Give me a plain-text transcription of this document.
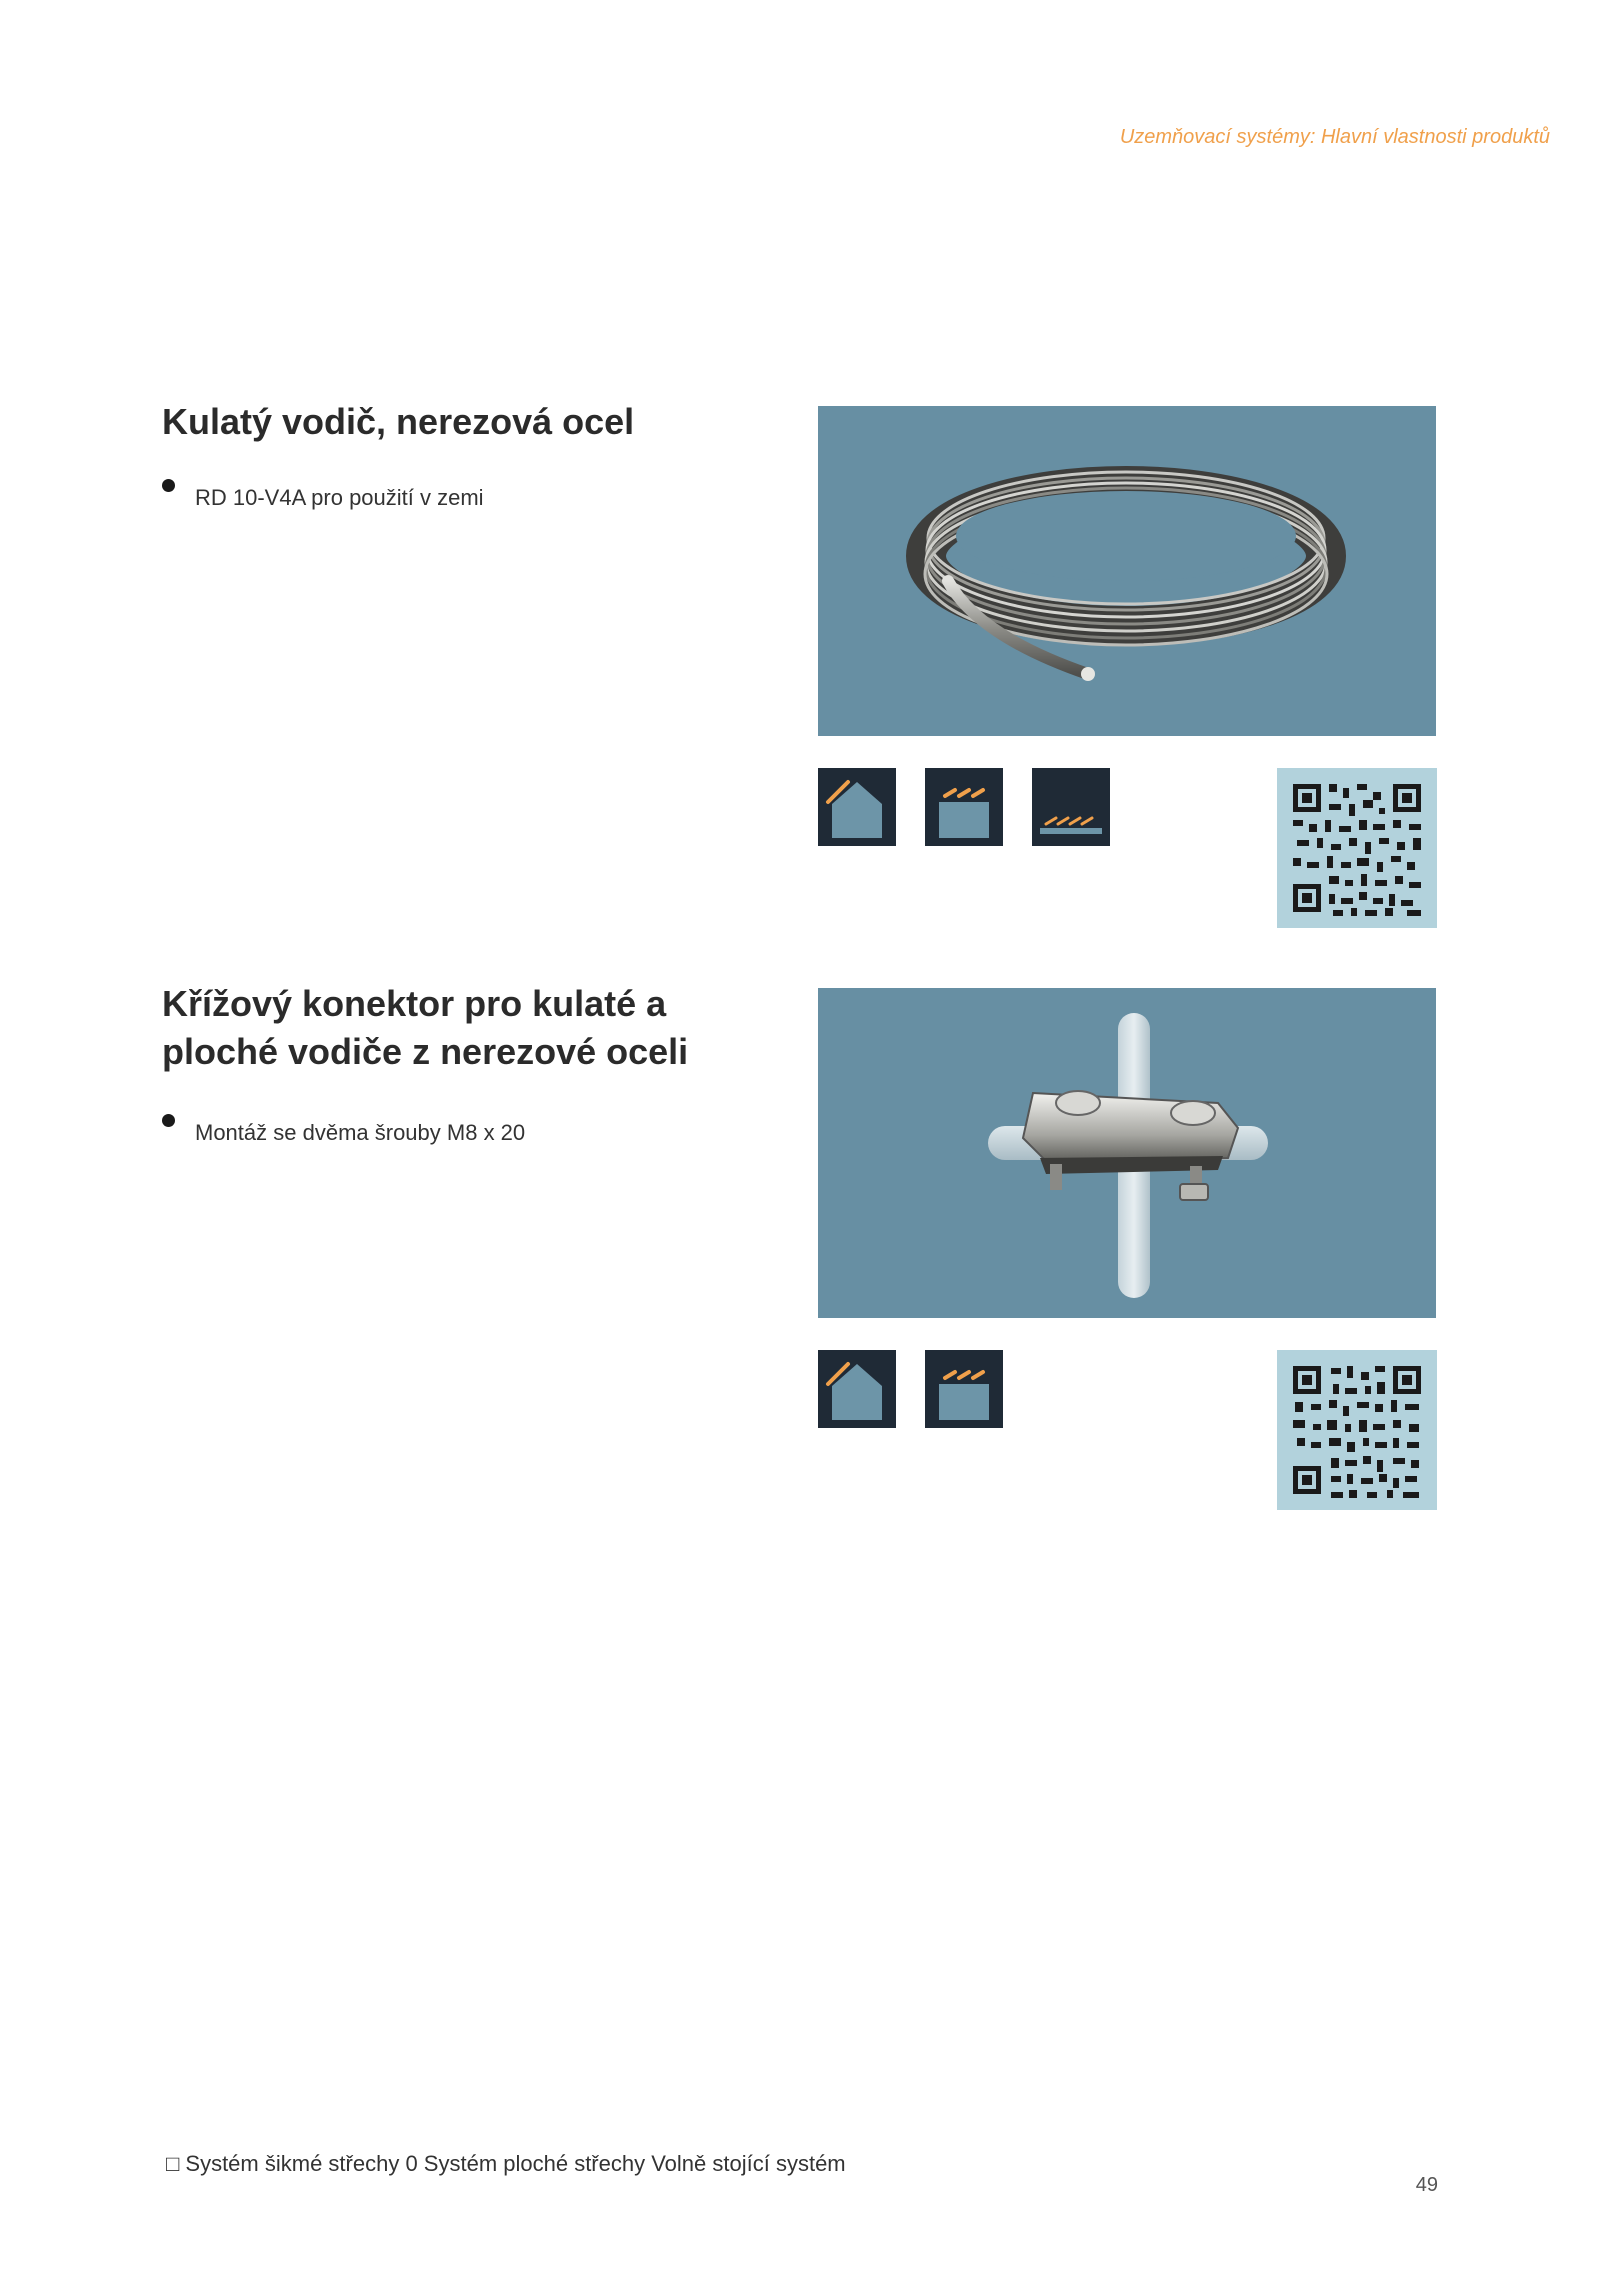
Uzemňovací systémy: Hlavní vlastnosti produktů
Kulatý vodič, nerezová ocel
RD 10-V4A pro použití v zemi
Křížový konektor pro kulaté a ploché vodiče z nerezové oceli
Montáž se dvěma šrouby M8 x 20
□ Systém šikmé střechy 0 Systém ploché střechy Volně stojící systém
49
